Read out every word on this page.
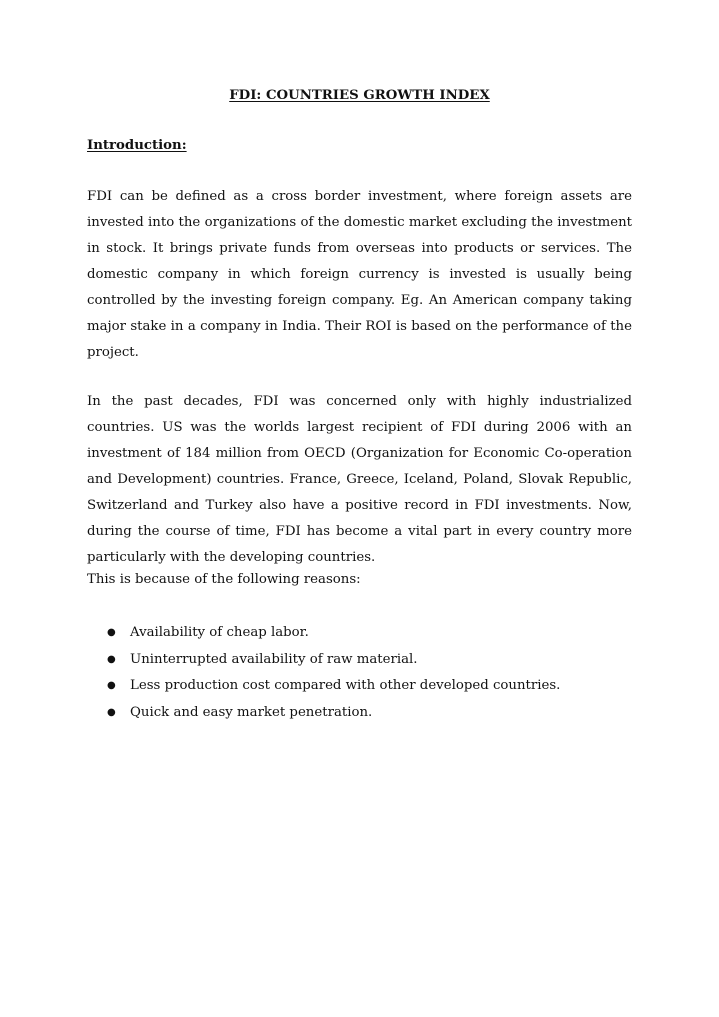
FDI: COUNTRIES GROWTH INDEX
Introduction:

FDI can be defined as a cross border investment, where foreign assets are invested into the organizations of the domestic market excluding the investment in stock. It brings private funds from overseas into products or services. The domestic company in which foreign currency is invested is usually being controlled by the investing foreign company. Eg. An American company taking major stake in a company in India. Their ROI is based on the performance of the project.

In the past decades, FDI was concerned only with highly industrialized countries. US was the worlds largest recipient of FDI during 2006 with an investment of 184 million from OECD (Organization for Economic Co-operation and Development) countries. France, Greece, Iceland, Poland, Slovak Republic, Switzerland and Turkey also have a positive record in FDI investments. Now, during the course of time, FDI has become a vital part in every country more particularly with the developing countries.

This is because of the following reasons:
● Availability of cheap labor.
● Uninterrupted availability of raw material.
● Less production cost compared with other developed countries.
● Quick and easy market penetration.
